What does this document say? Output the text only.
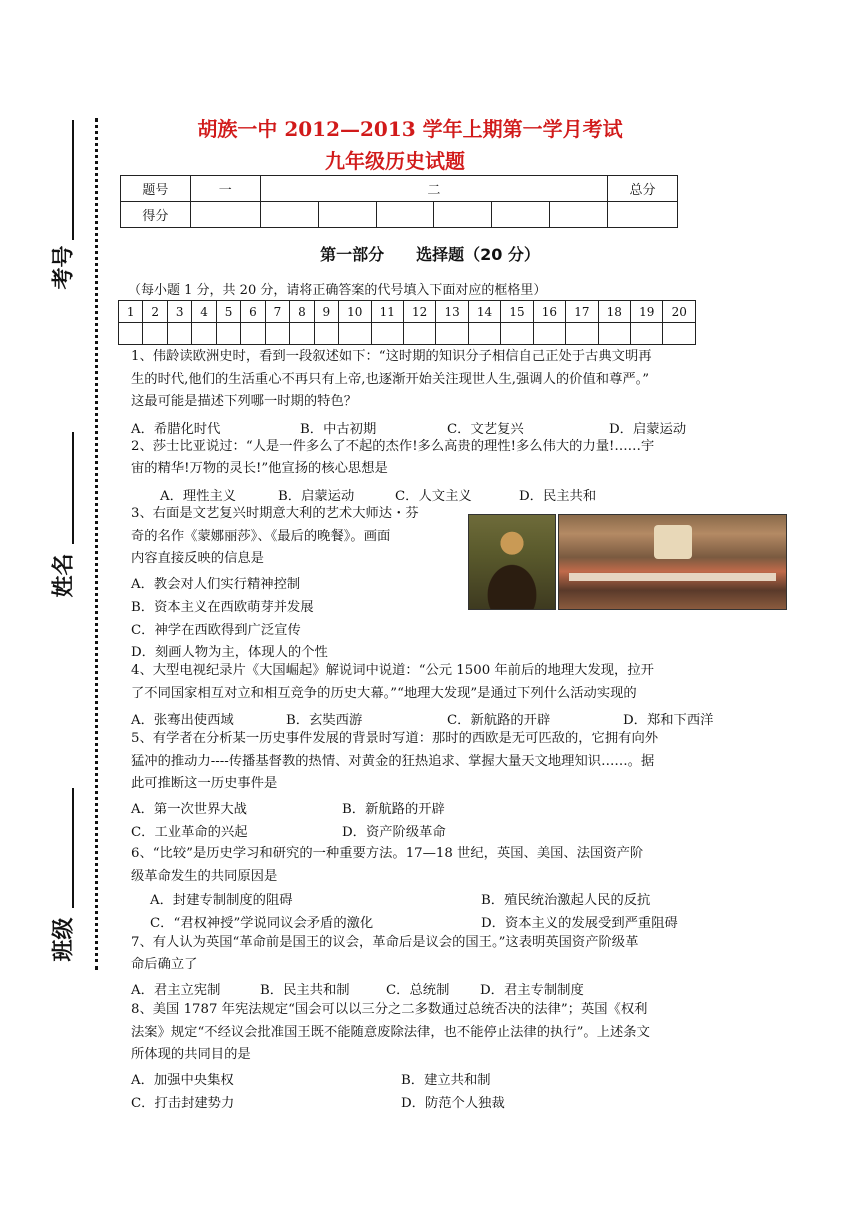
考号
姓名
班级
胡族一中 2012—2013 学年上期第一学月考试
九年级历史试题
题号	一	二						总分
得分								
第一部分　　选择题（20 分）
（每小题 1 分，共 20 分，请将正确答案的代号填入下面对应的框格里）
1	2	3	4	5	6	7	8	9	10	11	12	13	14	15	16	17	18	19	20

1、伟龄读欧洲史时，看到一段叙述如下：“这时期的知识分子相信自己正处于古典文明再
生的时代,他们的生活重心不再只有上帝,也逐渐开始关注现世人生,强调人的价值和尊严。”
这最可能是描述下列哪一时期的特色？
A．希腊化时代	B．中古初期	C．文艺复兴	D．启蒙运动
2、莎士比亚说过：“人是一件多么了不起的杰作!多么高贵的理性!多么伟大的力量!……宇
宙的精华!万物的灵长!”他宣扬的核心思想是
A．理性主义	B．启蒙运动	C．人文主义	D．民主共和
3、右面是文艺复兴时期意大利的艺术大师达・芬
奇的名作《蒙娜丽莎》、《最后的晚餐》。画面
内容直接反映的信息是
A．教会对人们实行精神控制
B．资本主义在西欧萌芽并发展
C．神学在西欧得到广泛宣传
D．刻画人物为主，体现人的个性
4、大型电视纪录片《大国崛起》解说词中说道：“公元 1500 年前后的地理大发现，拉开
了不同国家相互对立和相互竞争的历史大幕。”“地理大发现”是通过下列什么活动实现的
A．张骞出使西域	B．玄奘西游	C．新航路的开辟	D．郑和下西洋
5、有学者在分析某一历史事件发展的背景时写道：那时的西欧是无可匹敌的，它拥有向外
猛冲的推动力----传播基督教的热情、对黄金的狂热追求、掌握大量天文地理知识……。据
此可推断这一历史事件是
A．第一次世界大战	B．新航路的开辟
C．工业革命的兴起	D．资产阶级革命
6、“比较”是历史学习和研究的一种重要方法。17—18 世纪，英国、美国、法国资产阶
级革命发生的共同原因是
A．封建专制制度的阻碍	B．殖民统治激起人民的反抗
C．“君权神授”学说同议会矛盾的激化	D．资本主义的发展受到严重阻碍
7、有人认为英国“革命前是国王的议会，革命后是议会的国王。”这表明英国资产阶级革
命后确立了
A．君主立宪制	B．民主共和制	C．总统制 D．君主专制制度
8、美国 1787 年宪法规定“国会可以以三分之二多数通过总统否决的法律”；英国《权利
法案》规定“不经议会批准国王既不能随意废除法律，也不能停止法律的执行”。上述条文
所体现的共同目的是
A．加强中央集权	B．建立共和制
C．打击封建势力	D．防范个人独裁
